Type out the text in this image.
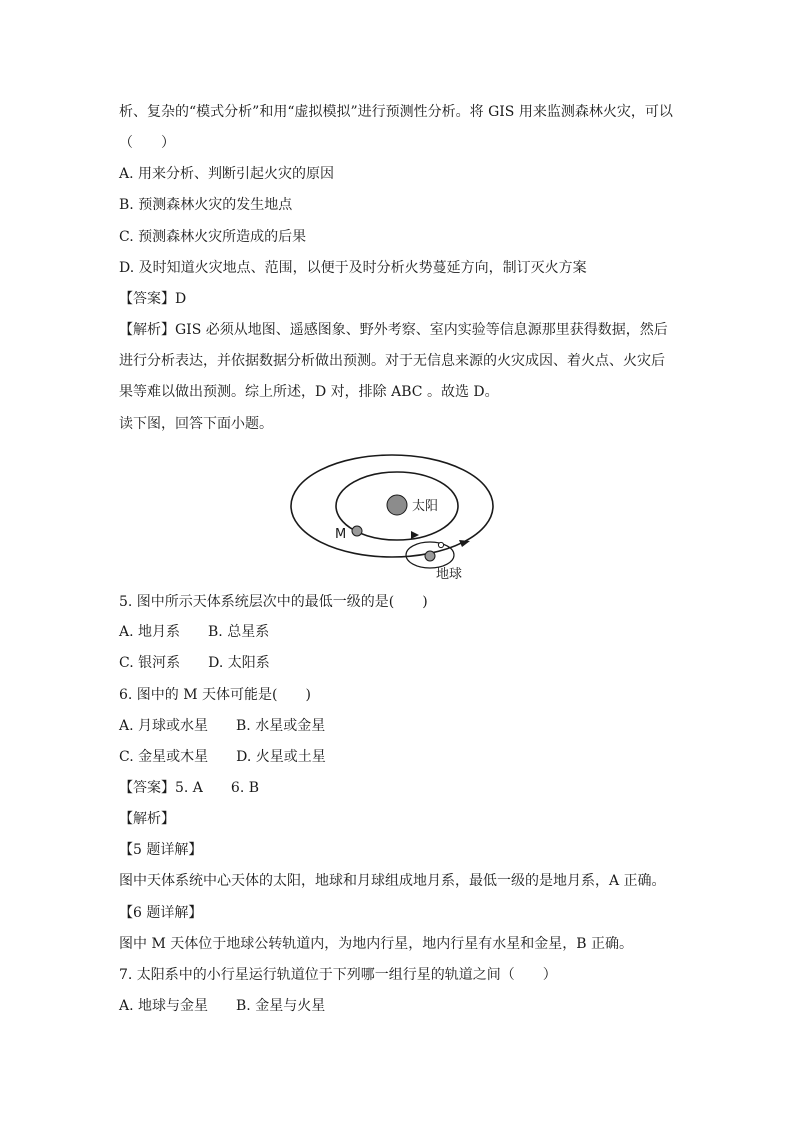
析、复杂的“模式分析”和用“虚拟模拟”进行预测性分析。将 GIS 用来监测森林火灾，可以
（　　）
A. 用来分析、判断引起火灾的原因
B. 预测森林火灾的发生地点
C. 预测森林火灾所造成的后果
D. 及时知道火灾地点、范围，以便于及时分析火势蔓延方向，制订灭火方案
【答案】D
【解析】GIS 必须从地图、遥感图象、野外考察、室内实验等信息源那里获得数据，然后
进行分析表达，并依据数据分析做出预测。对于无信息来源的火灾成因、着火点、火灾后
果等难以做出预测。综上所述，D 对，排除 ABC 。故选 D。
读下图，回答下面小题。
太阳
M
地球
5. 图中所示天体系统层次中的最低一级的是(　　)
A. 地月系 B. 总星系
C. 银河系 D. 太阳系
6. 图中的 M 天体可能是(　　)
A. 月球或水星 B. 水星或金星
C. 金星或木星 D. 火星或土星
【答案】5. A　　6. B
【解析】
【5 题详解】
图中天体系统中心天体的太阳，地球和月球组成地月系，最低一级的是地月系，A 正确。
【6 题详解】
图中 M 天体位于地球公转轨道内，为地内行星，地内行星有水星和金星，B 正确。
7. 太阳系中的小行星运行轨道位于下列哪一组行星的轨道之间（　　）
A. 地球与金星 B. 金星与火星
